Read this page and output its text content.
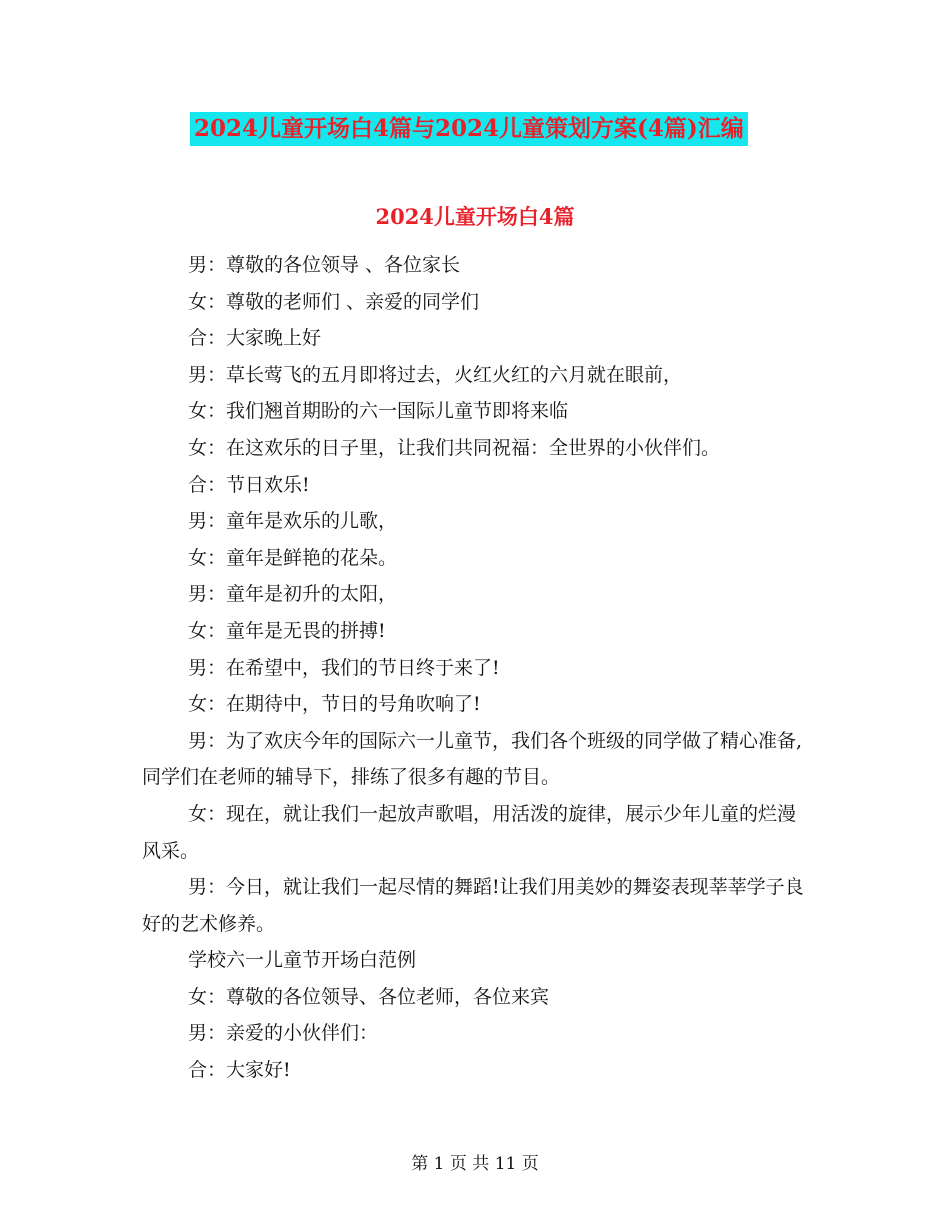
2024儿童开场白4篇与2024儿童策划方案(4篇)汇编
2024儿童开场白4篇

男：尊敬的各位领导 、各位家长

女：尊敬的老师们 、亲爱的同学们

合：大家晚上好

男：草长莺飞的五月即将过去，火红火红的六月就在眼前，

女：我们翘首期盼的六一国际儿童节即将来临

女：在这欢乐的日子里，让我们共同祝福：全世界的小伙伴们。

合：节日欢乐!

男：童年是欢乐的儿歌，

女：童年是鲜艳的花朵。

男：童年是初升的太阳，

女：童年是无畏的拼搏!

男：在希望中，我们的节日终于来了!

女：在期待中，节日的号角吹响了!

男：为了欢庆今年的国际六一儿童节，我们各个班级的同学做了精心准备,同学们在老师的辅导下，排练了很多有趣的节目。

女：现在，就让我们一起放声歌唱，用活泼的旋律，展示少年儿童的烂漫风采。

男：今日，就让我们一起尽情的舞蹈!让我们用美妙的舞姿表现莘莘学子良好的艺术修养。

学校六一儿童节开场白范例

女：尊敬的各位领导、各位老师，各位来宾

男：亲爱的小伙伴们：

合：大家好!

第 1 页 共 11 页
